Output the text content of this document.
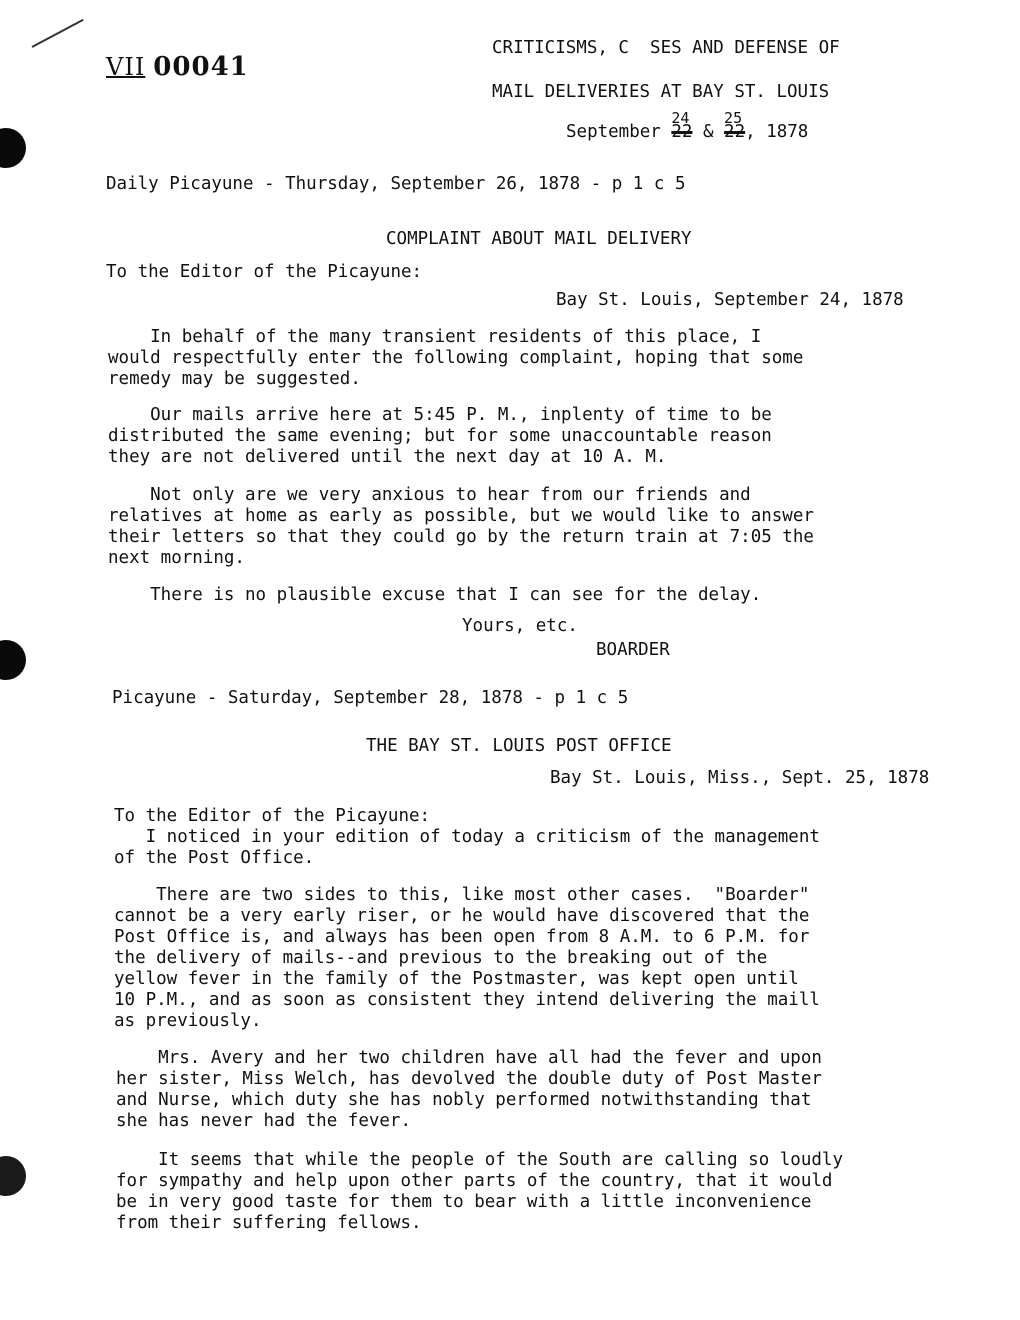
VII 00041
CRITICISMS, C  SES AND DEFENSE OF
MAIL DELIVERIES AT BAY ST. LOUIS
September
24
22 &
25
22, 1878
Daily Picayune - Thursday, September 26, 1878 - p 1 c 5
COMPLAINT ABOUT MAIL DELIVERY
To the Editor of the Picayune:
Bay St. Louis, September 24, 1878
In behalf of the many transient residents of this place, I
would respectfully enter the following complaint, hoping that some
remedy may be suggested.
Our mails arrive here at 5:45 P. M., inplenty of time to be
distributed the same evening; but for some unaccountable reason
they are not delivered until the next day at 10 A. M.
Not only are we very anxious to hear from our friends and
relatives at home as early as possible, but we would like to answer
their letters so that they could go by the return train at 7:05 the
next morning.
There is no plausible excuse that I can see for the delay.
Yours, etc.
BOARDER
Picayune - Saturday, September 28, 1878 - p 1 c 5
THE BAY ST. LOUIS POST OFFICE
Bay St. Louis, Miss., Sept. 25, 1878
To the Editor of the Picayune:
I noticed in your edition of today a criticism of the management
of the Post Office.
There are two sides to this, like most other cases.  "Boarder"
cannot be a very early riser, or he would have discovered that the
Post Office is, and always has been open from 8 A.M. to 6 P.M. for
the delivery of mails--and previous to the breaking out of the
yellow fever in the family of the Postmaster, was kept open until
10 P.M., and as soon as consistent they intend delivering the maill
as previously.
Mrs. Avery and her two children have all had the fever and upon
her sister, Miss Welch, has devolved the double duty of Post Master
and Nurse, which duty she has nobly performed notwithstanding that
she has never had the fever.
It seems that while the people of the South are calling so loudly
for sympathy and help upon other parts of the country, that it would
be in very good taste for them to bear with a little inconvenience
from their suffering fellows.
